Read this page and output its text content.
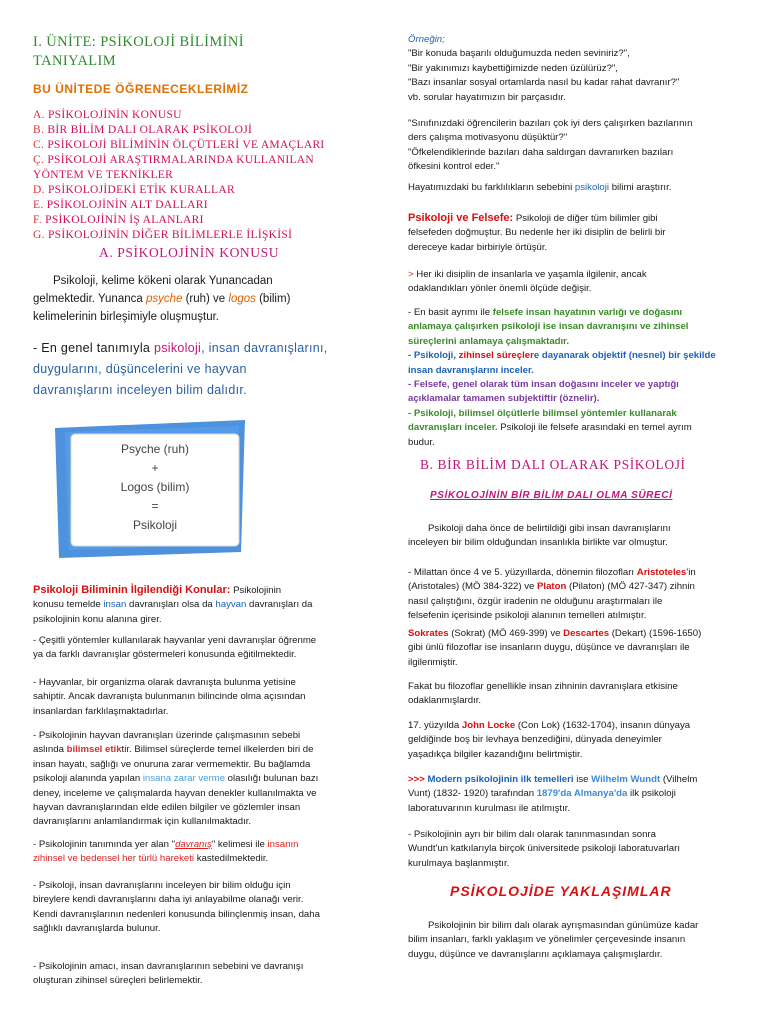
I. ÜNİTE: PSİKOLOJİ BİLİMİNİ
TANIYALIM
BU ÜNİTEDE ÖĞRENECEKLERİMİZ
A. PSİKOLOJİNİN KONUSU
B. BİR BİLİM DALI OLARAK PSİKOLOJİ
C. PSİKOLOJİ BİLİMİNİN ÖLÇÜTLERİ VE AMAÇLARI
Ç. PSİKOLOJİ ARAŞTIRMALARINDA KULLANILAN
YÖNTEM VE TEKNİKLER
D. PSİKOLOJİDEKİ ETİK KURALLAR
E. PSİKOLOJİNİN ALT DALLARI
F. PSİKOLOJİNİN İŞ ALANLARI
G. PSİKOLOJİNİN DİĞER BİLİMLERLE İLİŞKİSİ
A. PSİKOLOJİNİN KONUSU
Psikoloji, kelime kökeni olarak Yunancadan
gelmektedir. Yunanca psyche (ruh) ve logos (bilim)
kelimelerinin birleşimiyle oluşmuştur.
- En genel tanımıyla psikoloji, insan davranışlarını,
duygularını, düşüncelerini ve hayvan
davranışlarını inceleyen bilim dalıdır.
Psyche (ruh)
+
Logos (bilim)
=
Psikoloji
Psikoloji Biliminin İlgilendiği Konular: Psikolojinin
konusu temelde insan davranışları olsa da hayvan davranışları da
psikolojinin konu alanına girer.
- Çeşitli yöntemler kullanılarak hayvanlar yeni davranışlar öğrenme
ya da farklı davranışlar göstermeleri konusunda eğitilmektedir.
- Hayvanlar, bir organizma olarak davranışta bulunma yetisine
sahiptir. Ancak davranışta bulunmanın bilincinde olma açısından
insanlardan farklılaşmaktadırlar.
- Psikolojinin hayvan davranışları üzerinde çalışmasının sebebi
aslında bilimsel etiktir. Bilimsel süreçlerde temel ilkelerden biri de
insan hayatı, sağlığı ve onuruna zarar vermemektir. Bu bağlamda
psikoloji alanında yapılan insana zarar verme olasılığı bulunan bazı
deney, inceleme ve çalışmalarda hayvan denekler kullanılmakta ve
hayvan davranışlarından elde edilen bilgiler ve gözlemler insan
davranışlarını anlamlandırmak için kullanılmaktadır.
- Psikolojinin tanımında yer alan "davranış" kelimesi ile insanın
zihinsel ve bedensel her türlü hareketi kastedilmektedir.
- Psikoloji, insan davranışlarını inceleyen bir bilim olduğu için
bireylere kendi davranışlarını daha iyi anlayabilme olanağı verir.
Kendi davranışlarının nedenleri konusunda bilinçlenmiş insan, daha
sağlıklı davranışlarda bulunur.
- Psikolojinin amacı, insan davranışlarının sebebini ve davranışı
oluşturan zihinsel süreçleri belirlemektir.
Örneğin;
"Bir konuda başarılı olduğumuzda neden seviniriz?",
"Bir yakınımızı kaybettiğimizde neden üzülürüz?",
"Bazı insanlar sosyal ortamlarda nasıl bu kadar rahat davranır?"
vb. sorular hayatımızın bir parçasıdır.
"Sınıfınızdaki öğrencilerin bazıları çok iyi ders çalışırken bazılarının
ders çalışma motivasyonu düşüktür?"
"Öfkelendiklerinde bazıları daha saldırgan davranırken bazıları
öfkesini kontrol eder."
Hayatımızdaki bu farklılıkların sebebini psikoloji bilimi araştırır.
Psikoloji ve Felsefe: Psikoloji de diğer tüm bilimler gibi
felsefeden doğmuştur. Bu nedenle her iki disiplin de belirli bir
dereceye kadar birbiriyle örtüşür.
> Her iki disiplin de insanlarla ve yaşamla ilgilenir, ancak
odaklandıkları yönler önemli ölçüde değişir.
- En basit ayrımı ile felsefe insan hayatının varlığı ve doğasını
anlamaya çalışırken psikoloji ise insan davranışını ve zihinsel
süreçlerini anlamaya çalışmaktadır.
- Psikoloji, zihinsel süreçlere dayanarak objektif (nesnel) bir şekilde
insan davranışlarını inceler.
- Felsefe, genel olarak tüm insan doğasını inceler ve yaptığı
açıklamalar tamamen subjektiftir (öznelir).
- Psikoloji, bilimsel ölçütlerle bilimsel yöntemler kullanarak
davranışları inceler. Psikoloji ile felsefe arasındaki en temel ayrım
budur.
B. BİR BİLİM DALI OLARAK PSİKOLOJİ
PSİKOLOJİNİN BİR BİLİM DALI OLMA SÜRECİ
Psikoloji daha önce de belirtildiği gibi insan davranışlarını
inceleyen bir bilim olduğundan insanlıkla birlikte var olmuştur.
- Milattan önce 4 ve 5. yüzyıllarda, dönemin filozofları Aristoteles'in
(Aristotales) (MÖ 384-322) ve Platon (Pilaton) (MÖ 427-347) zihnin
nasıl çalıştığını, özgür iradenin ne olduğunu araştırmaları ile
felsefenin içerisinde psikoloji alanının temelleri atılmıştır.
Sokrates (Sokrat) (MÖ 469-399) ve Descartes (Dekart) (1596-1650)
gibi ünlü filozoflar ise insanların duygu, düşünce ve davranışları ile
ilgilenmiştir.
Fakat bu filozoflar genellikle insan zihninin davranışlara etkisine
odaklanmışlardır.
17. yüzyılda John Locke (Con Lok) (1632-1704), insanın dünyaya
geldiğinde boş bir levhaya benzediğini, dünyada deneyimler
yaşadıkça bilgiler kazandığını belirtmiştir.
>>> Modern psikolojinin ilk temelleri ise Wilhelm Wundt (Vilhelm
Vunt) (1832- 1920) tarafından 1879'da Almanya'da ilk psikoloji
laboratuvarının kurulması ile atılmıştır.
- Psikolojinin ayrı bir bilim dalı olarak tanınmasından sonra
Wundt'un katkılarıyla birçok üniversitede psikoloji laboratuvarları
kurulmaya başlanmıştır.
PSİKOLOJİDE YAKLAŞIMLAR
Psikolojinin bir bilim dalı olarak ayrışmasından günümüze kadar
bilim insanları, farklı yaklaşım ve yönelimler çerçevesinde insanın
duygu, düşünce ve davranışlarını açıklamaya çalışmışlardır.
